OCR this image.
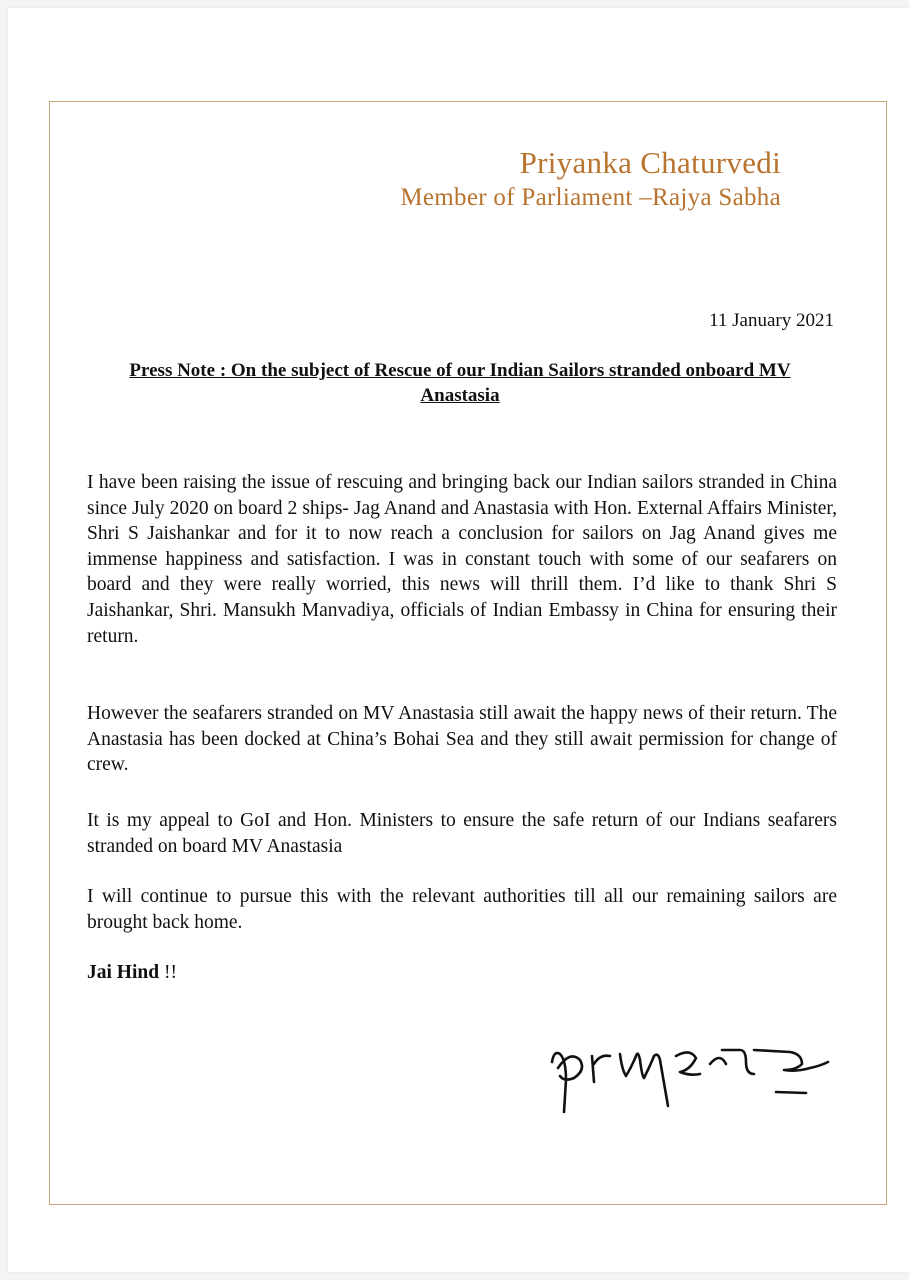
Priyanka Chaturvedi
Member of Parliament –Rajya Sabha
11 January 2021
Press Note : On the subject of Rescue of our Indian Sailors stranded onboard MV Anastasia
I have been raising the issue of rescuing and bringing back our Indian sailors stranded in China since July 2020 on board 2 ships- Jag Anand and Anastasia with Hon. External Affairs Minister, Shri S Jaishankar and for it to now reach a conclusion for sailors on Jag Anand gives me immense happiness and satisfaction. I was in constant touch with some of our seafarers on board and they were really worried, this news will thrill them. I’d like to thank Shri S Jaishankar, Shri. Mansukh Manvadiya, officials of Indian Embassy in China for ensuring their return.
However the seafarers stranded on MV Anastasia still await the happy news of their return. The Anastasia has been docked at China’s Bohai Sea and they still await permission for change of crew.
It is my appeal to GoI and Hon. Ministers to ensure the safe return of our Indians seafarers stranded on board MV Anastasia
I will continue to pursue this with the relevant authorities till all our remaining sailors are brought back home.
Jai Hind !!
